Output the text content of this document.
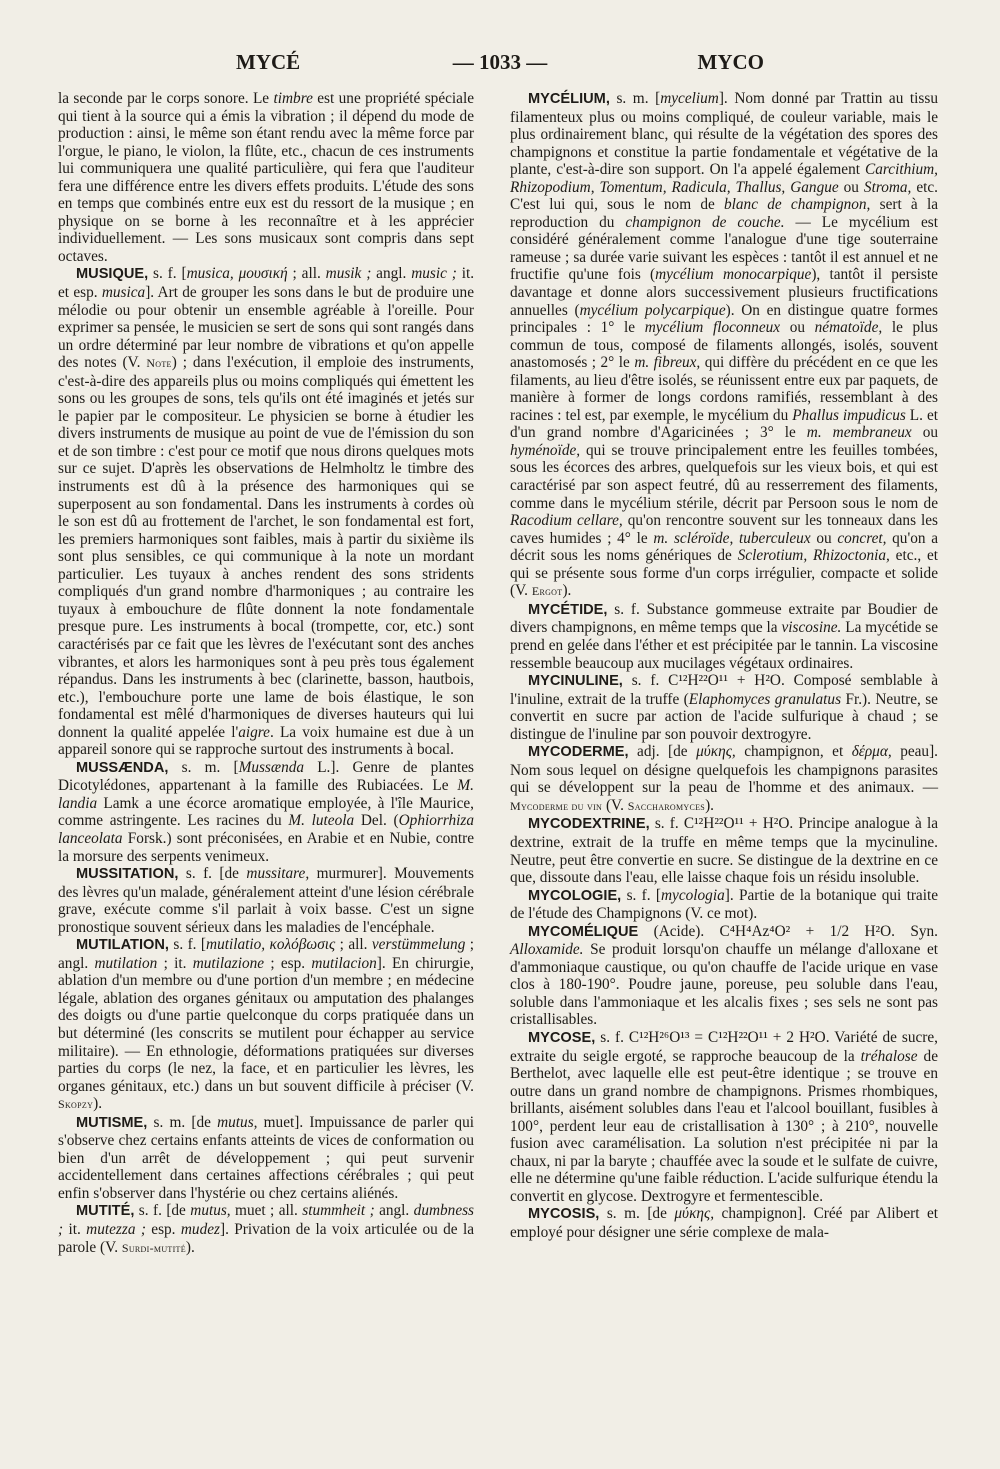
MYCÉ	— 1033 —	MYCO

la seconde par le corps sonore. Le timbre est une propriété spéciale qui tient à la source qui a émis la vibration ; il dépend du mode de production : ainsi, le même son étant rendu avec la même force par l'orgue, le piano, le violon, la flûte, etc., chacun de ces instruments lui communiquera une qualité particulière, qui fera que l'auditeur fera une différence entre les divers effets produits. L'étude des sons en temps que combinés entre eux est du ressort de la musique ; en physique on se borne à les reconnaître et à les apprécier individuellement. — Les sons musicaux sont compris dans sept octaves.

MUSIQUE, s. f. [musica, μουσική ; all. musik ; angl. music ; it. et esp. musica]. Art de grouper les sons dans le but de produire une mélodie ou pour obtenir un ensemble agréable à l'oreille. Pour exprimer sa pensée, le musicien se sert de sons qui sont rangés dans un ordre déterminé par leur nombre de vibrations et qu'on appelle des notes (V. Note) ; dans l'exécution, il emploie des instruments, c'est-à-dire des appareils plus ou moins compliqués qui émettent les sons ou les groupes de sons, tels qu'ils ont été imaginés et jetés sur le papier par le compositeur. Le physicien se borne à étudier les divers instruments de musique au point de vue de l'émission du son et de son timbre : c'est pour ce motif que nous dirons quelques mots sur ce sujet. D'après les observations de Helmholtz le timbre des instruments est dû à la présence des harmoniques qui se superposent au son fondamental. Dans les instruments à cordes où le son est dû au frottement de l'archet, le son fondamental est fort, les premiers harmoniques sont faibles, mais à partir du sixième ils sont plus sensibles, ce qui communique à la note un mordant particulier. Les tuyaux à anches rendent des sons stridents compliqués d'un grand nombre d'harmoniques ; au contraire les tuyaux à embouchure de flûte donnent la note fondamentale presque pure. Les instruments à bocal (trompette, cor, etc.) sont caractérisés par ce fait que les lèvres de l'exécutant sont des anches vibrantes, et alors les harmoniques sont à peu près tous également répandus. Dans les instruments à bec (clarinette, basson, hautbois, etc.), l'embouchure porte une lame de bois élastique, le son fondamental est mêlé d'harmoniques de diverses hauteurs qui lui donnent la qualité appelée l'aigre. La voix humaine est due à un appareil sonore qui se rapproche surtout des instruments à bocal.

MUSSÆNDA, s. m. [Mussænda L.]. Genre de plantes Dicotylédones, appartenant à la famille des Rubiacées. Le M. landia Lamk a une écorce aromatique employée, à l'île Maurice, comme astringente. Les racines du M. luteola Del. (Ophiorrhiza lanceolata Forsk.) sont préconisées, en Arabie et en Nubie, contre la morsure des serpents venimeux.

MUSSITATION, s. f. [de mussitare, murmurer]. Mouvements des lèvres qu'un malade, généralement atteint d'une lésion cérébrale grave, exécute comme s'il parlait à voix basse. C'est un signe pronostique souvent sérieux dans les maladies de l'encéphale.

MUTILATION, s. f. [mutilatio, κολόβωσις ; all. verstümmelung ; angl. mutilation ; it. mutilazione ; esp. mutilacion]. En chirurgie, ablation d'un membre ou d'une portion d'un membre ; en médecine légale, ablation des organes génitaux ou amputation des phalanges des doigts ou d'une partie quelconque du corps pratiquée dans un but déterminé (les conscrits se mutilent pour échapper au service militaire). — En ethnologie, déformations pratiquées sur diverses parties du corps (le nez, la face, et en particulier les lèvres, les organes génitaux, etc.) dans un but souvent difficile à préciser (V. Skopzy).

MUTISME, s. m. [de mutus, muet]. Impuissance de parler qui s'observe chez certains enfants atteints de vices de conformation ou bien d'un arrêt de développement ; qui peut survenir accidentellement dans certaines affections cérébrales ; qui peut enfin s'observer dans l'hystérie ou chez certains aliénés.

MUTITÉ, s. f. [de mutus, muet ; all. stummheit ; angl. dumbness ; it. mutezza ; esp. mudez]. Privation de la voix articulée ou de la parole (V. Surdi-mutité).

MYCÉLIUM, s. m. [mycelium]. Nom donné par Trattin au tissu filamenteux plus ou moins compliqué, de couleur variable, mais le plus ordinairement blanc, qui résulte de la végétation des spores des champignons et constitue la partie fondamentale et végétative de la plante, c'est-à-dire son support. On l'a appelé également Carcithium, Rhizopodium, Tomentum, Radicula, Thallus, Gangue ou Stroma, etc. C'est lui qui, sous le nom de blanc de champignon, sert à la reproduction du champignon de couche. — Le mycélium est considéré généralement comme l'analogue d'une tige souterraine rameuse ; sa durée varie suivant les espèces : tantôt il est annuel et ne fructifie qu'une fois (mycélium monocarpique), tantôt il persiste davantage et donne alors successivement plusieurs fructifications annuelles (mycélium polycarpique). On en distingue quatre formes principales : 1° le mycélium floconneux ou nématoïde, le plus commun de tous, composé de filaments allongés, isolés, souvent anastomosés ; 2° le m. fibreux, qui diffère du précédent en ce que les filaments, au lieu d'être isolés, se réunissent entre eux par paquets, de manière à former de longs cordons ramifiés, ressemblant à des racines : tel est, par exemple, le mycélium du Phallus impudicus L. et d'un grand nombre d'Agaricinées ; 3° le m. membraneux ou hyménoïde, qui se trouve principalement entre les feuilles tombées, sous les écorces des arbres, quelquefois sur les vieux bois, et qui est caractérisé par son aspect feutré, dû au resserrement des filaments, comme dans le mycélium stérile, décrit par Persoon sous le nom de Racodium cellare, qu'on rencontre souvent sur les tonneaux dans les caves humides ; 4° le m. scléroïde, tuberculeux ou concret, qu'on a décrit sous les noms génériques de Sclerotium, Rhizoctonia, etc., et qui se présente sous forme d'un corps irrégulier, compacte et solide (V. Ergot).

MYCÉTIDE, s. f. Substance gommeuse extraite par Boudier de divers champignons, en même temps que la viscosine. La mycétide se prend en gelée dans l'éther et est précipitée par le tannin. La viscosine ressemble beaucoup aux mucilages végétaux ordinaires.

MYCINULINE, s. f. C¹²H²²O¹¹ + H²O. Composé semblable à l'inuline, extrait de la truffe (Elaphomyces granulatus Fr.). Neutre, se convertit en sucre par action de l'acide sulfurique à chaud ; se distingue de l'inuline par son pouvoir dextrogyre.

MYCODERME, adj. [de μύκης, champignon, et δέρμα, peau]. Nom sous lequel on désigne quelquefois les champignons parasites qui se développent sur la peau de l'homme et des animaux. — Mycoderme du vin (V. Saccharomyces).

MYCODEXTRINE, s. f. C¹²H²²O¹¹ + H²O. Principe analogue à la dextrine, extrait de la truffe en même temps que la mycinuline. Neutre, peut être convertie en sucre. Se distingue de la dextrine en ce que, dissoute dans l'eau, elle laisse chaque fois un résidu insoluble.

MYCOLOGIE, s. f. [mycologia]. Partie de la botanique qui traite de l'étude des Champignons (V. ce mot).

MYCOMÉLIQUE (Acide). C⁴H⁴Az⁴O² + 1/2 H²O. Syn. Alloxamide. Se produit lorsqu'on chauffe un mélange d'alloxane et d'ammoniaque caustique, ou qu'on chauffe de l'acide urique en vase clos à 180-190°. Poudre jaune, poreuse, peu soluble dans l'eau, soluble dans l'ammoniaque et les alcalis fixes ; ses sels ne sont pas cristallisables.

MYCOSE, s. f. C¹²H²⁶O¹³ = C¹²H²²O¹¹ + 2 H²O. Variété de sucre, extraite du seigle ergoté, se rapproche beaucoup de la tréhalose de Berthelot, avec laquelle elle est peut-être identique ; se trouve en outre dans un grand nombre de champignons. Prismes rhombiques, brillants, aisément solubles dans l'eau et l'alcool bouillant, fusibles à 100°, perdent leur eau de cristallisation à 130° ; à 210°, nouvelle fusion avec caramélisation. La solution n'est précipitée ni par la chaux, ni par la baryte ; chauffée avec la soude et le sulfate de cuivre, elle ne détermine qu'une faible réduction. L'acide sulfurique étendu la convertit en glycose. Dextrogyre et fermentescible.

MYCOSIS, s. m. [de μύκης, champignon]. Créé par Alibert et employé pour désigner une série complexe de mala-
